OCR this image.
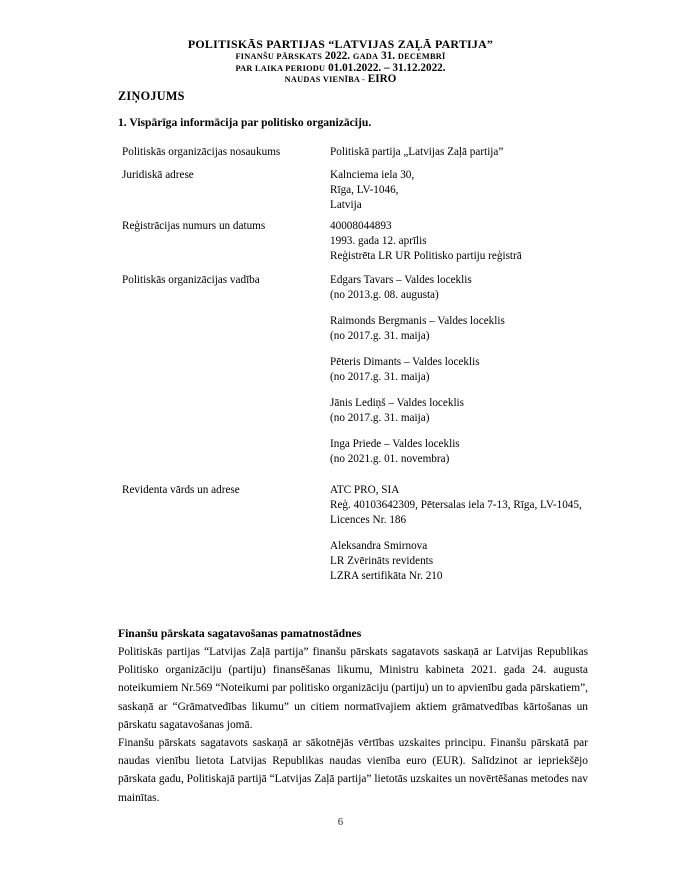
POLITISKĀS PARTIJAS “LATVIJAS ZAĻĀ PARTIJA”
FINANŠU PĀRSKATS 2022. GADA 31. DECEMBRĪ
PAR LAIKA PERIODU 01.01.2022. – 31.12.2022.
NAUDAS VIENĪBA - EIRO
ZIŅOJUMS
1. Vispārīga informācija par politisko organizāciju.
Politiskās organizācijas nosaukums	Politiskā partija „Latvijas Zaļā partija”
Juridiskā adrese	Kalnciema iela 30,
Rīga, LV-1046,
Latvija
Reģistrācijas numurs un datums	40008044893
1993. gada 12. aprīlis
Reģistrēta LR UR Politisko partiju reģistrā
Politiskās organizācijas vadība	Edgars Tavars – Valdes loceklis
(no 2013.g. 08. augusta)
Raimonds Bergmanis – Valdes loceklis
(no 2017.g. 31. maija)
Pēteris Dimants – Valdes loceklis
(no 2017.g. 31. maija)
Jānis Lediņš – Valdes loceklis
(no 2017.g. 31. maija)
Inga Priede – Valdes loceklis
(no 2021.g. 01. novembra)
Revidenta vārds un adrese	ATC PRO, SIA
Reģ. 40103642309, Pētersalas iela 7-13, Rīga, LV-1045,
Licences Nr. 186
Aleksandra Smirnova
LR Zvērināts revidents
LZRA sertifikāta Nr. 210
Finanšu pārskata sagatavošanas pamatnostādnes

Politiskās partijas “Latvijas Zaļā partija” finanšu pārskats sagatavots saskaņā ar Latvijas Republikas Politisko organizāciju (partiju) finansēšanas likumu, Ministru kabineta 2021. gada 24. augusta noteikumiem Nr.569 “Noteikumi par politisko organizāciju (partiju) un to apvienību gada pārskatiem”, saskaņā ar “Grāmatvedības likumu” un citiem normatīvajiem aktiem grāmatvedības kārtošanas un pārskatu sagatavošanas jomā.

Finanšu pārskats sagatavots saskaņā ar sākotnējās vērtības uzskaites principu. Finanšu pārskatā par naudas vienību lietota Latvijas Republikas naudas vienība euro (EUR). Salīdzinot ar iepriekšējo pārskata gadu, Politiskajā partijā “Latvijas Zaļā partija” lietotās uzskaites un novērtēšanas metodes nav mainītas.

6
